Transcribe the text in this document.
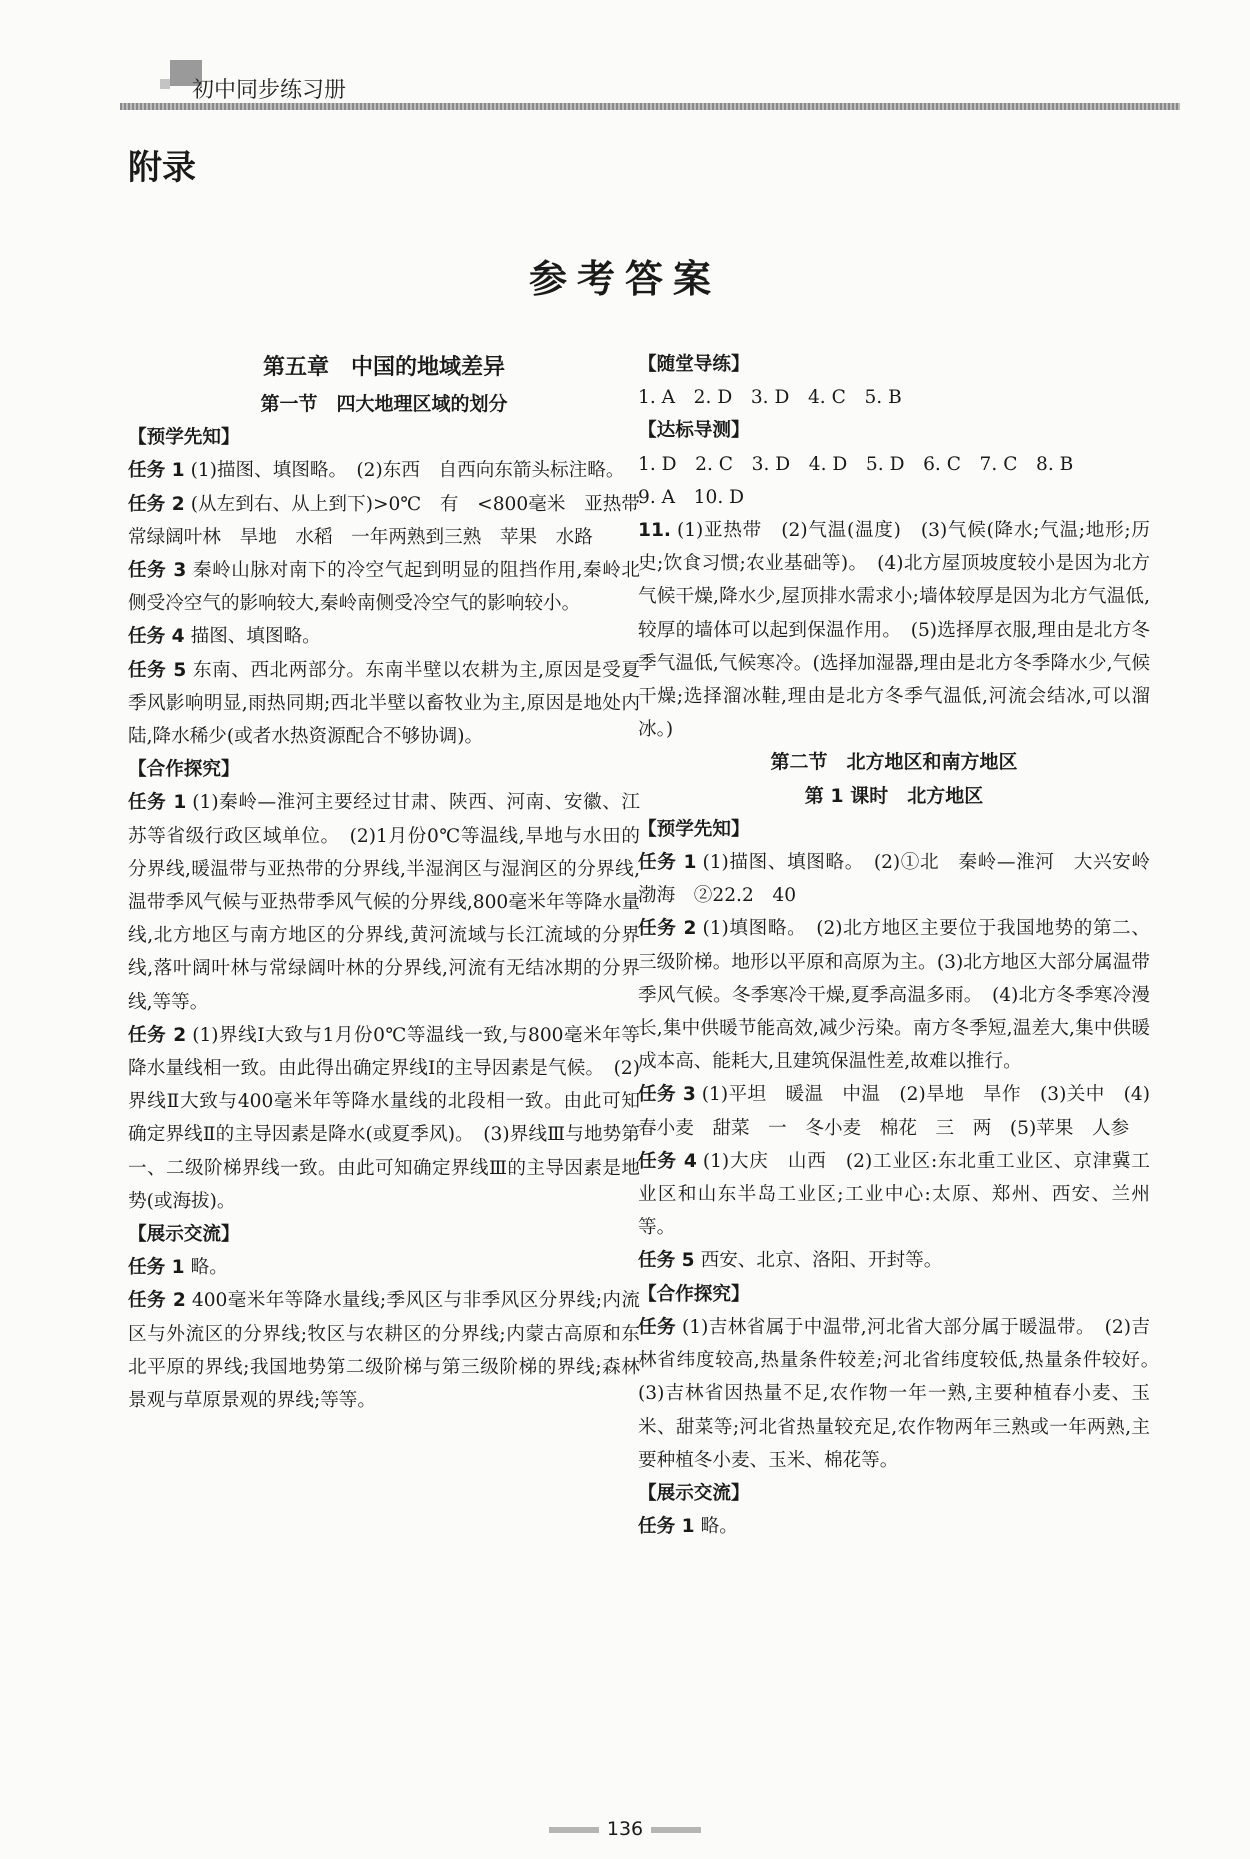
初中同步练习册
附录
参考答案

第五章　中国的地域差异

第一节　四大地理区域的划分

【预学先知】

任务 1 (1)描图、填图略。　(2)东西　自西向东箭头标注略。

任务 2 (从左到右、从上到下)>0℃　有　<800毫米　亚热带常绿阔叶林　旱地　水稻　一年两熟到三熟　苹果　水路

任务 3 秦岭山脉对南下的冷空气起到明显的阻挡作用,秦岭北侧受冷空气的影响较大,秦岭南侧受冷空气的影响较小。

任务 4 描图、填图略。

任务 5 东南、西北两部分。东南半壁以农耕为主,原因是受夏季风影响明显,雨热同期;西北半壁以畜牧业为主,原因是地处内陆,降水稀少(或者水热资源配合不够协调)。

【合作探究】

任务 1 (1)秦岭—淮河主要经过甘肃、陕西、河南、安徽、江苏等省级行政区域单位。　(2)1月份0℃等温线,旱地与水田的分界线,暖温带与亚热带的分界线,半湿润区与湿润区的分界线,温带季风气候与亚热带季风气候的分界线,800毫米年等降水量线,北方地区与南方地区的分界线,黄河流域与长江流域的分界线,落叶阔叶林与常绿阔叶林的分界线,河流有无结冰期的分界线,等等。

任务 2 (1)界线Ⅰ大致与1月份0℃等温线一致,与800毫米年等降水量线相一致。由此得出确定界线Ⅰ的主导因素是气候。　(2)界线Ⅱ大致与400毫米年等降水量线的北段相一致。由此可知确定界线Ⅱ的主导因素是降水(或夏季风)。　(3)界线Ⅲ与地势第一、二级阶梯界线一致。由此可知确定界线Ⅲ的主导因素是地势(或海拔)。

【展示交流】

任务 1 略。

任务 2 400毫米年等降水量线;季风区与非季风区分界线;内流区与外流区的分界线;牧区与农耕区的分界线;内蒙古高原和东北平原的界线;我国地势第二级阶梯与第三级阶梯的界线;森林景观与草原景观的界线;等等。

【随堂导练】

1. A　2. D　3. D　4. C　5. B

【达标导测】

1. D　2. C　3. D　4. D　5. D　6. C　7. C　8. B

9. A　10. D

11. (1)亚热带　(2)气温(温度)　(3)气候(降水;气温;地形;历史;饮食习惯;农业基础等)。　(4)北方屋顶坡度较小是因为北方气候干燥,降水少,屋顶排水需求小;墙体较厚是因为北方气温低,较厚的墙体可以起到保温作用。　(5)选择厚衣服,理由是北方冬季气温低,气候寒冷。(选择加湿器,理由是北方冬季降水少,气候干燥;选择溜冰鞋,理由是北方冬季气温低,河流会结冰,可以溜冰。)

第二节　北方地区和南方地区

第 1 课时　北方地区

【预学先知】

任务 1 (1)描图、填图略。　(2)①北　秦岭—淮河　大兴安岭　渤海　②22.2　40

任务 2 (1)填图略。　(2)北方地区主要位于我国地势的第二、三级阶梯。地形以平原和高原为主。(3)北方地区大部分属温带季风气候。冬季寒冷干燥,夏季高温多雨。　(4)北方冬季寒冷漫长,集中供暖节能高效,减少污染。南方冬季短,温差大,集中供暖成本高、能耗大,且建筑保温性差,故难以推行。

任务 3 (1)平坦　暖温　中温　(2)旱地　旱作　(3)关中　(4)春小麦　甜菜　一　冬小麦　棉花　三　两　(5)苹果　人参

任务 4 (1)大庆　山西　(2)工业区:东北重工业区、京津冀工业区和山东半岛工业区;工业中心:太原、郑州、西安、兰州等。

任务 5 西安、北京、洛阳、开封等。

【合作探究】

任务 (1)吉林省属于中温带,河北省大部分属于暖温带。　(2)吉林省纬度较高,热量条件较差;河北省纬度较低,热量条件较好。　(3)吉林省因热量不足,农作物一年一熟,主要种植春小麦、玉米、甜菜等;河北省热量较充足,农作物两年三熟或一年两熟,主要种植冬小麦、玉米、棉花等。

【展示交流】

任务 1 略。

136
